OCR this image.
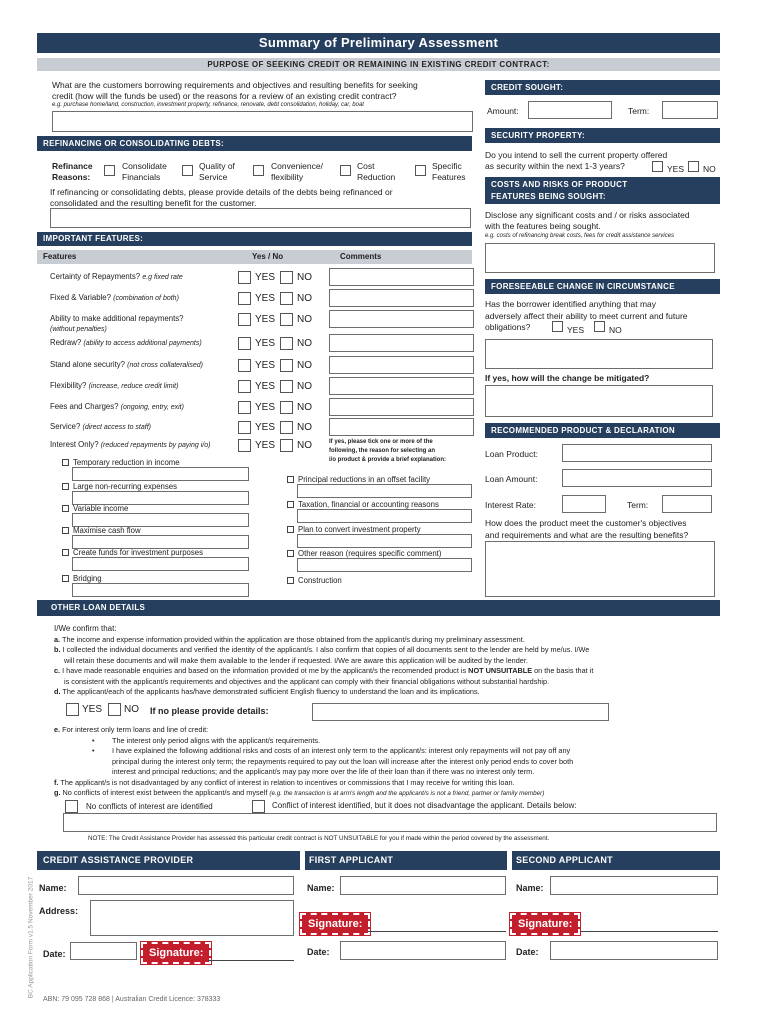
Summary of Preliminary Assessment
PURPOSE OF SEEKING CREDIT OR REMAINING IN EXISTING CREDIT CONTRACT:
What are the customers borrowing requirements and objectives and resulting benefits for seeking
credit (how will the funds be used) or the reasons for a review of an existing credit contract?
e.g. purchase home/land, construction, investment property, refinance, renovate, debt consolidation, holiday, car, boat
CREDIT SOUGHT:
Amount:	Term:
SECURITY PROPERTY:
Do you intend to sell the current property offered
as security within the next 1-3 years?	YES NO
COSTS AND RISKS OF PRODUCT
FEATURES BEING SOUGHT:
Disclose any significant costs and / or risks associated
with the features being sought.
e.g. costs of refinancing break costs, fees for credit assistance services
FORESEEABLE CHANGE IN CIRCUMSTANCE
Has the borrower identified anything that may
adversely affect their ability to meet current and future
obligations?	YES	NO
If yes, how will the change be mitigated?
RECOMMENDED PRODUCT & DECLARATION
Loan Product:
Loan Amount:
Interest Rate:	Term:
How does the product meet the customer's objectives
and requirements and what are the resulting benefits?
REFINANCING OR CONSOLIDATING DEBTS:
Refinance
Reasons:
Consolidate
Financials
Quality of
Service
Convenience/
flexibility
Cost
Reduction
Specific
Features
If refinancing or consolidating debts, please provide details of the debts being refinanced or
consolidated and the resulting benefit for the customer.
IMPORTANT FEATURES:
Features	Yes / No	Comments
Certainty of Repayments? e.g fixed rate	YES NO
Fixed & Variable? (combination of both)	YES NO
Ability to make additional repayments?
(without penalties)
YES NO
Redraw? (ability to access additional payments)	YES NO
Stand alone security? (not cross collateralised)	YES NO
Flexibility? (increase, reduce credit limit)	YES NO
Fees and Charges? (ongoing, entry, exit)	YES NO
Service? (direct access to staff)	YES NO
Interest Only? (reduced repayments by paying i/o)	YES NO	If yes, please tick one or more of the
following, the reason for selecting an
i/o product & provide a brief explanation:
Temporary reduction in income
Large non-recurring expenses
Variable income
Maximise cash flow
Create funds for investment purposes
Bridging
Principal reductions in an offset facility
Taxation, financial or accounting reasons
Plan to convert investment property
Other reason (requires specific comment)
Construction
OTHER LOAN DETAILS
I/We confirm that:
a. The income and expense information provided within the application are those obtained from the applicant/s during my preliminary assessment.
b. I collected the individual documents and verified the identity of the applicant/s. I also confirm that copies of all documents sent to the lender are held by me/us. I/We
will retain these documents and will make them available to the lender if requested. I/We are aware this application will be audited by the lender.
c. I have made reasonable enquiries and based on the information provided ot me by the applicant/s the recomended product is NOT UNSUITABLE on the basis that it
is consistent with the applicant/s requirements and objectives and the applicant can comply with their financial obligations without substantial hardship.
d. The applicant/each of the applicants has/have demonstrated sufficient English fluency to understand the loan and its implications.
YES NO If no please provide details:
e. For interest only term loans and line of credit:
• The interest only period aligns with the applicant/s requirements.
• I have explained the following additional risks and costs of an interest only term to the applicant/s: interest only repayments will not pay off any
principal during the interest only term; the repayments required to pay out the loan will increase after the interest only period ends to cover both
interest and principal reductions; and the applicant/s may pay more over the life of their loan than if there was no interest only term.
f. The applicant/s is not disadvantaged by any conflict of interest in relation to incentives or commissions that I may receive for writing this loan.
g. No conflicts of interest exist between the applicant/s and myself (e.g. the transaction is at arm's length and the applicant/s is not a friend, partner or family member)
No conflicts of interest are identified	Conflict of interest identified, but it does not disadvantage the applicant. Details below:
NOTE: The Credit Assistance Provider has assessed this particular credit contract is NOT UNSUITABLE for you if made within the period covered by the assessment.
CREDIT ASSISTANCE PROVIDER	FIRST APPLICANT	SECOND APPLICANT
Name:
Address:
Date:	Signature:
Name:
Signature:
Date:
Name:
Signature:
Date:
BC Application Form v1.5 November 2017
ABN: 79 095 728 868 | Australian Credit Licence: 378333
